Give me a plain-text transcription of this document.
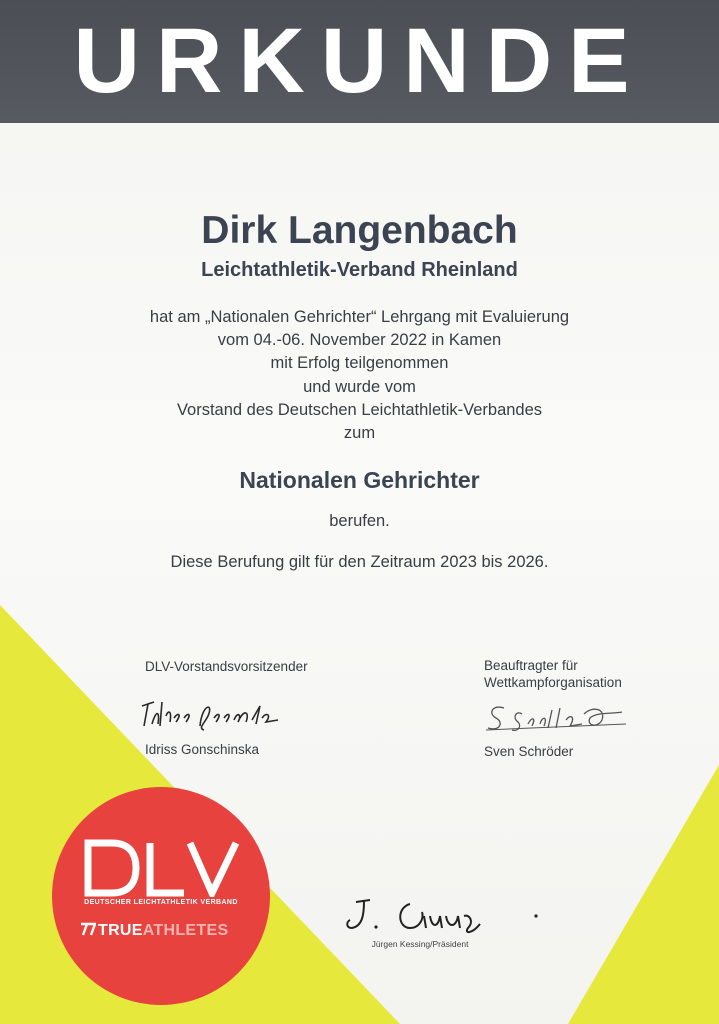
URKUNDE
Dirk Langenbach
Leichtathletik-Verband Rheinland
hat am „Nationalen Gehrichter“ Lehrgang mit Evaluierung
vom 04.-06. November 2022 in Kamen
mit Erfolg teilgenommen
und wurde vom
Vorstand des Deutschen Leichtathletik-Verbandes
zum
Nationalen Gehrichter
berufen.
Diese Berufung gilt für den Zeitraum 2023 bis 2026.
DLV-Vorstandsvorsitzender
Idriss Gonschinska
Beauftragter für
Wettkampforganisation
Sven Schröder
Jürgen Kessing/Präsident
DEUTSCHER LEICHTATHLETIK VERBAND
TRUEATHLETES
